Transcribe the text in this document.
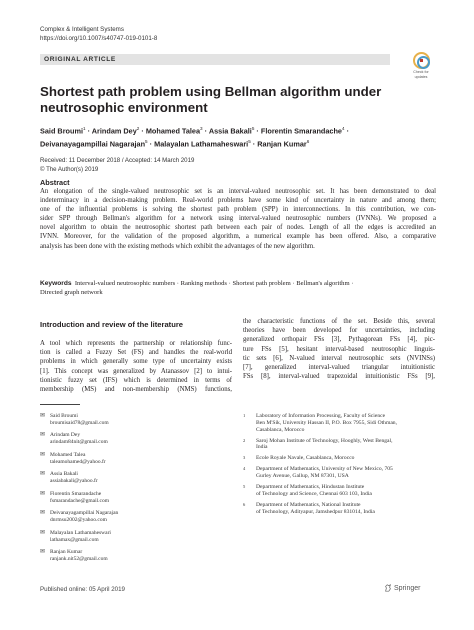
Complex & Intelligent Systems
https://doi.org/10.1007/s40747-019-0101-8
ORIGINAL ARTICLE
Check for
updates
Shortest path problem using Bellman algorithm under neutrosophic environment
Said Broumi$^1$ · Arindam Dey$^2$ · Mohamed Talea$^3$ · Assia Bakali$^5$ · Florentin Smarandache$^4$ ·
Deivanayagampillai Nagarajan$^5$ · Malayalan Lathamaheswari$^5$ · Ranjan Kumar$^6$
Received: 11 December 2018 / Accepted: 14 March 2019
© The Author(s) 2019
Abstract
An elongation of the single-valued neutrosophic set is an interval-valued neutrosophic set. It has been demonstrated to deal
indeterminacy in a decision-making problem. Real-world problems have some kind of uncertainty in nature and among them;
one of the influential problems is solving the shortest path problem (SPP) in interconnections. In this contribution, we con-
sider SPP through Bellman's algorithm for a network using interval-valued neutrosophic numbers (IVNNs). We proposed a
novel algorithm to obtain the neutrosophic shortest path between each pair of nodes. Length of all the edges is accredited an
IVNN. Moreover, for the validation of the proposed algorithm, a numerical example has been offered. Also, a comparative
analysis has been done with the existing methods which exhibit the advantages of the new algorithm.
Keywords Interval-valued neutrosophic numbers · Ranking methods · Shortest path problem · Bellman's algorithm ·
Directed graph network
Introduction and review of the literature
A tool which represents the partnership or relationship func-
tion is called a Fuzzy Set (FS) and handles the real-world
problems in which generally some type of uncertainty exists
[1]. This concept was generalized by Atanassov [2] to intui-
tionistic fuzzy set (IFS) which is determined in terms of
membership (MS) and non-membership (NMS) functions,
the characteristic functions of the set. Beside this, several
theories have been developed for uncertainties, including
generalized orthopair FSs [3], Pythagorean FSs [4], pic-
ture FSs [5], hesitant interval-based neutrosophic linguis-
tic sets [6], N-valued interval neutrosophic sets (NVINSs)
[7], generalized interval-valued triangular intuitionistic
FSs [8], interval-valued trapezoidal intuitionistic FSs [9],
✉ Said Broumi
broumisaid78@gmail.com
✉ Arindam Dey
arindam84nit@gmail.com
✉ Mohamed Talea
taleamohamed@yahoo.fr
✉ Assia Bakali
assiabakali@yahoo.fr
✉ Florentin Smarandache
fsmarandache@gmail.com
✉ Deivanayagampillai Nagarajan
dnrmsu2002@yahoo.com
✉ Malayalan Lathamaheswari
lathamax@gmail.com
✉ Ranjan Kumar
ranjank.nit52@gmail.com
1	Laboratory of Information Processing, Faculty of Science
Ben M'Sik, University Hassan II, P.O. Box 7955, Sidi Othman,
Casablanca, Morocco
2	Saroj Mohan Institute of Technology, Hooghly, West Bengal,
India
3	Ecole Royale Navale, Casablanca, Morocco
4	Department of Mathematics, University of New Mexico, 705
Gurley Avenue, Gallup, NM 87301, USA
5	Department of Mathematics, Hindustan Institute
of Technology and Science, Chennai 603 103, India
6	Department of Mathematics, National Institute
of Technology, Adityapur, Jamshedpur 831014, India
Published online: 05 April 2019	Springer
